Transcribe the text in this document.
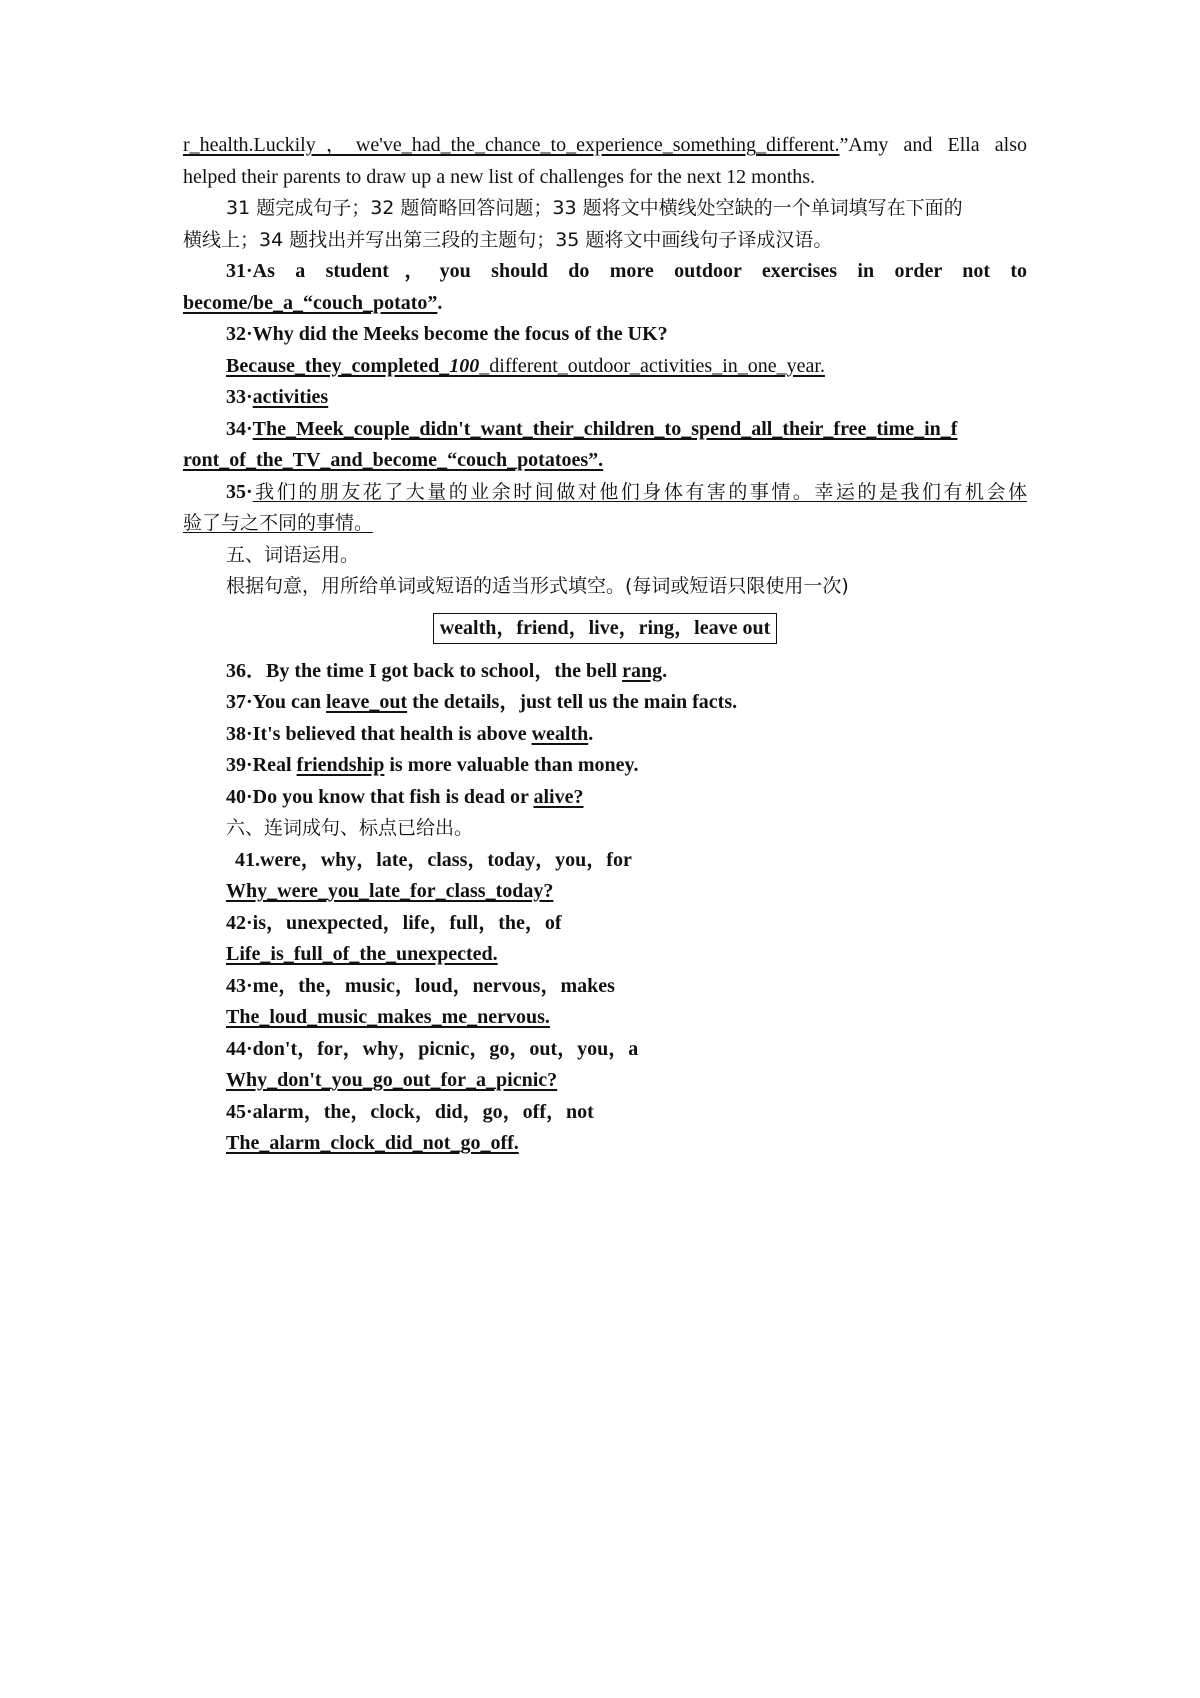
r_health.Luckily，we've_had_the_chance_to_experience_something_different.”Amy and Ella also
helped their parents to draw up a new list of challenges for the next 12 months.
31 题完成句子；32 题简略回答问题；33 题将文中横线处空缺的一个单词填写在下面的
横线上；34 题找出并写出第三段的主题句；35 题将文中画线句子译成汉语。
31·As a student，you should do more outdoor exercises in order not to
become/be_a_“couch_potato”.
32·Why did the Meeks become the focus of the UK?
Because_they_completed_100_different_outdoor_activities_in_one_year.
33·activities
34·The_Meek_couple_didn't_want_their_children_to_spend_all_their_free_time_in_f
ront_of_the_TV_and_become_“couch_potatoes”.
35·我们的朋友花了大量的业余时间做对他们身体有害的事情。幸运的是我们有机会体
验了与之不同的事情。
五、词语运用。
根据句意，用所给单词或短语的适当形式填空。(每词或短语只限使用一次)
wealth，friend，live，ring，leave out
36．By the time I got back to school，the bell rang.
37·You can leave_out the details，just tell us the main facts.
38·It's believed that health is above wealth.
39·Real friendship is more valuable than money.
40·Do you know that fish is dead or alive?
六、连词成句、标点已给出。
41.were，why，late，class，today，you，for
Why_were_you_late_for_class_today?
42·is，unexpected，life，full，the，of
Life_is_full_of_the_unexpected.
43·me，the，music，loud，nervous，makes
The_loud_music_makes_me_nervous.
44·don't，for，why，picnic，go，out，you，a
Why_don't_you_go_out_for_a_picnic?
45·alarm，the，clock，did，go，off，not
The_alarm_clock_did_not_go_off.
